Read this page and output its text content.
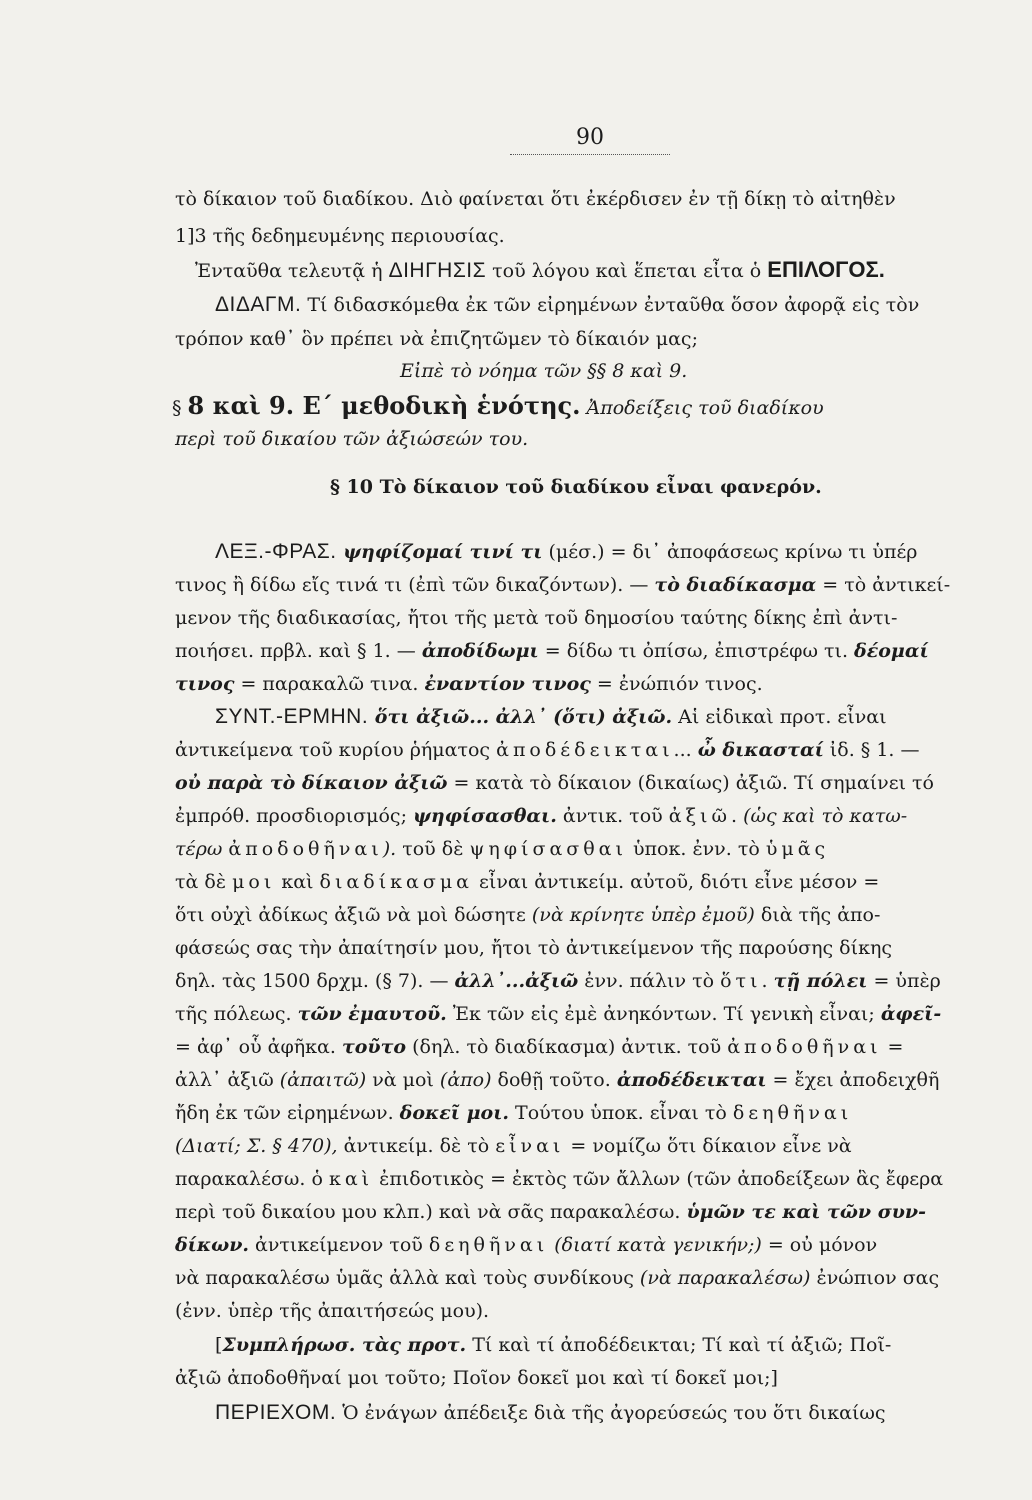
90
τὸ δίκαιον τοῦ διαδίκου. Διὸ φαίνεται ὅτι ἐκέρδισεν ἐν τῇ δίκῃ τὸ αἰτηθὲν
1]3 τῆς δεδημευμένης περιουσίας.
Ἐνταῦθα τελευτᾷ ἡ ΔΙΗΓΗΣΙΣ τοῦ λόγου καὶ ἕπεται εἶτα ὁ ΕΠΙΛΟΓΟΣ.
ΔΙΔΑΓΜ. Τί διδασκόμεθα ἐκ τῶν εἰρημένων ἐνταῦθα ὅσον ἀφορᾷ εἰς τὸν
τρόπον καθ᾽ ὃν πρέπει νὰ ἐπιζητῶμεν τὸ δίκαιόν μας;
Εἰπὲ τὸ νόημα τῶν §§ 8 καὶ 9.
§ 8 καὶ 9. Ε΄ μεθοδικὴ ἑνότης. Ἀποδείξεις τοῦ διαδίκου
περὶ τοῦ δικαίου τῶν ἀξιώσεών του.
§ 10 Τὸ δίκαιον τοῦ διαδίκου εἶναι φανερόν.
ΛΕΞ.-ΦΡΑΣ. ψηφίζομαί τινί τι (μέσ.) = δι᾽ ἀποφάσεως κρίνω τι ὑπέρ
τινος ἢ δίδω εἴς τινά τι (ἐπὶ τῶν δικαζόντων). — τὸ διαδίκασμα = τὸ ἀντικεί-
μενον τῆς διαδικασίας, ἤτοι τῆς μετὰ τοῦ δημοσίου ταύτης δίκης ἐπὶ ἀντι-
ποιήσει. πρβλ. καὶ § 1. — ἀποδίδωμι = δίδω τι ὀπίσω, ἐπιστρέφω τι. δέομαί
τινος = παρακαλῶ τινα. ἐναντίον τινος = ἐνώπιόν τινος.
ΣΥΝΤ.-ΕΡΜΗΝ. ὅτι ἀξιῶ... ἀλλ᾽ (ὅτι) ἀξιῶ. Αἱ εἰδικαὶ προτ. εἶναι
ἀντικείμενα τοῦ κυρίου ῥήματος ἀποδέδεικται... ὦ δικασταί ἰδ. § 1. —
οὐ παρὰ τὸ δίκαιον ἀξιῶ = κατὰ τὸ δίκαιον (δικαίως) ἀξιῶ. Τί σημαίνει τό
ἐμπρόθ. προσδιορισμός; ψηφίσασθαι. ἀντικ. τοῦ ἀξιῶ. (ὡς καὶ τὸ κατω-
τέρω ἀποδοθῆναι). τοῦ δὲ ψηφίσασθαι ὑποκ. ἐνν. τὸ ὑμᾶς
τὰ δὲ μοι καὶ διαδίκασμα εἶναι ἀντικείμ. αὐτοῦ, διότι εἶνε μέσον =
ὅτι οὐχὶ ἀδίκως ἀξιῶ νὰ μοὶ δώσητε (νὰ κρίνητε ὑπὲρ ἐμοῦ) διὰ τῆς ἀπο-
φάσεώς σας τὴν ἀπαίτησίν μου, ἤτοι τὸ ἀντικείμενον τῆς παρούσης δίκης
δηλ. τὰς 1500 δρχμ. (§ 7). — ἀλλ᾽...ἀξιῶ ἐνν. πάλιν τὸ ὅτι. τῇ πόλει = ὑπὲρ
τῆς πόλεως. τῶν ἐμαυτοῦ. Ἐκ τῶν εἰς ἐμὲ ἀνηκόντων. Τί γενικὴ εἶναι; ἀφεῖ-
= ἀφ᾽ οὗ ἀφῆκα. τοῦτο (δηλ. τὸ διαδίκασμα) ἀντικ. τοῦ ἀποδοθῆναι =
ἀλλ᾽ ἀξιῶ (ἀπαιτῶ) νὰ μοὶ (ἀπο) δοθῇ τοῦτο. ἀποδέδεικται = ἔχει ἀποδειχθῆ
ἤδη ἐκ τῶν εἰρημένων. δοκεῖ μοι. Τούτου ὑποκ. εἶναι τὸ δεηθῆναι
(Διατί; Σ. § 470), ἀντικείμ. δὲ τὸ εἶναι = νομίζω ὅτι δίκαιον εἶνε νὰ
παρακαλέσω. ὁ καὶ ἐπιδοτικὸς = ἐκτὸς τῶν ἄλλων (τῶν ἀποδείξεων ἃς ἔφερα
περὶ τοῦ δικαίου μου κλπ.) καὶ νὰ σᾶς παρακαλέσω. ὑμῶν τε καὶ τῶν συν-
δίκων. ἀντικείμενον τοῦ δεηθῆναι (διατί κατὰ γενικήν;) = οὐ μόνον
νὰ παρακαλέσω ὑμᾶς ἀλλὰ καὶ τοὺς συνδίκους (νὰ παρακαλέσω) ἐνώπιον σας
(ἐνν. ὑπὲρ τῆς ἀπαιτήσεώς μου).
[Συμπλήρωσ. τὰς προτ. Τί καὶ τί ἀποδέδεικται; Τί καὶ τί ἀξιῶ; Ποῖ-
ἀξιῶ ἀποδοθῆναί μοι τοῦτο; Ποῖον δοκεῖ μοι καὶ τί δοκεῖ μοι;]
ΠΕΡΙΕΧΟΜ. Ὁ ἐνάγων ἀπέδειξε διὰ τῆς ἀγορεύσεώς του ὅτι δικαίως
